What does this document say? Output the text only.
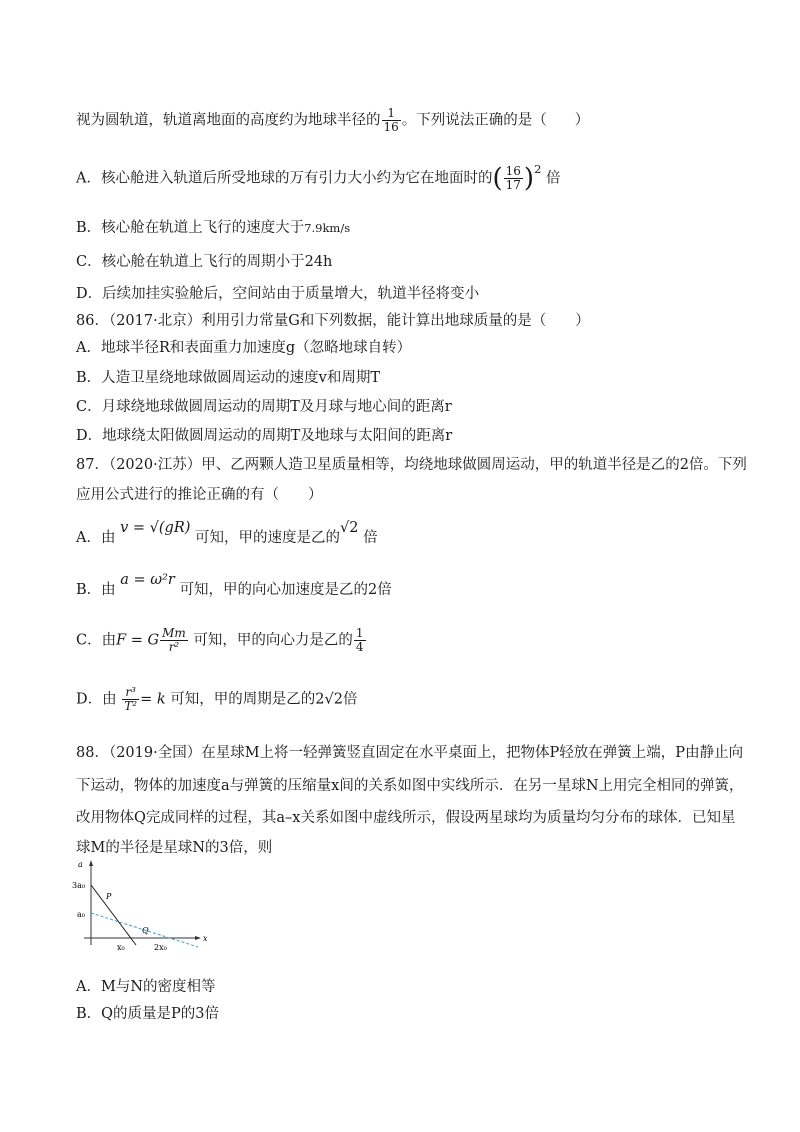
视为圆轨道，轨道离地面的高度约为地球半径的 $\frac{1}{16}$ 。下列说法正确的是（ ）
A．核心舱进入轨道后所受地球的万有引力大小约为它在地面时的( $\frac{16}{17} )^2$ 倍
B．核心舱在轨道上飞行的速度大于7.9km/s
C．核心舱在轨道上飞行的周期小于24h
D．后续加挂实验舱后，空间站由于质量增大，轨道半径将变小
86．（2017·北京）利用引力常量G和下列数据，能计算出地球质量的是（　　）
A．地球半径R和表面重力加速度g（忽略地球自转）
B．人造卫星绕地球做圆周运动的速度v和周期T
C．月球绕地球做圆周运动的周期T及月球与地心间的距离r
D．地球绕太阳做圆周运动的周期T及地球与太阳间的距离r
87．（2020·江苏）甲、乙两颗人造卫星质量相等，均绕地球做圆周运动，甲的轨道半径是乙的2倍。下列
应用公式进行的推论正确的有（　　）
A．由 v = √(gR) 可知，甲的速度是乙的√2 倍
B．由 a = ω²r 可知，甲的向心加速度是乙的2倍
C．由F = G $\frac{Mm}{\text{r²}}$ 可知，甲的向心力是乙的 $\frac{1}{4}$
D．由 $\frac{\text{r³}}{\text{T²}} = k$ 可知，甲的周期是乙的2√2倍
88．（2019·全国）在星球M上将一轻弹簧竖直固定在水平桌面上，把物体P轻放在弹簧上端，P由静止向
下运动，物体的加速度a与弹簧的压缩量x间的关系如图中实线所示．在另一星球N上用完全相同的弹簧，
改用物体Q完成同样的过程，其a–x关系如图中虚线所示，假设两星球均为质量均匀分布的球体．已知星
球M的半径是星球N的3倍，则
a
3a₀
a₀
P
Q
x₀	2x₀
x
A．M与N的密度相等
B．Q的质量是P的3倍
